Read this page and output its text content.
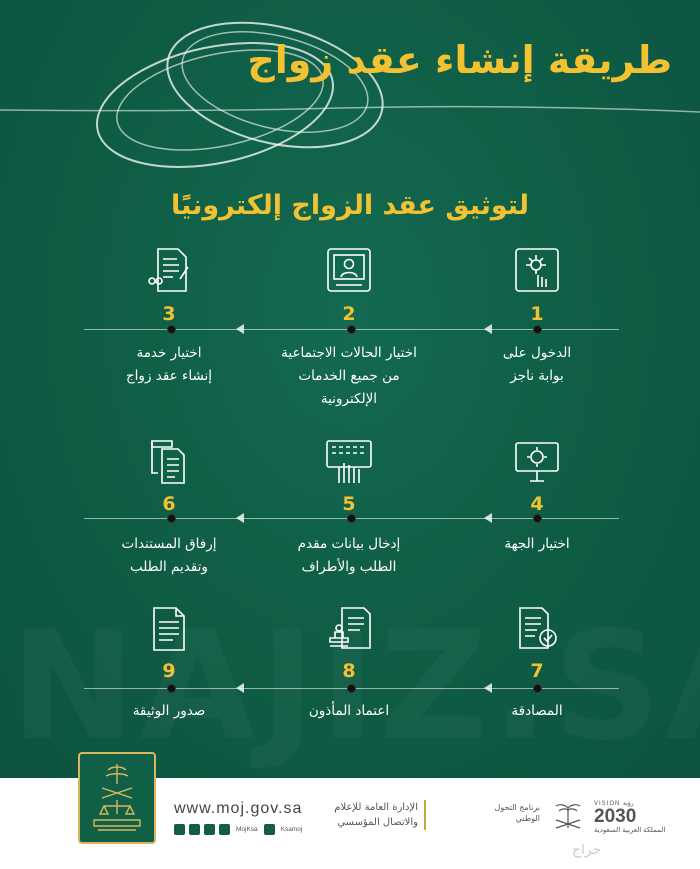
طريقة إنشاء عقد زواج
لتوثيق عقد الزواج إلكترونيًا
1
الدخول على
بوابة ناجز
2
اختيار الحالات الاجتماعية
من جميع الخدمات
الإلكترونية
3
اختيار خدمة
إنشاء عقد زواج
4
اختيار الجهة
5
إدخال بيانات مقدم
الطلب والأطراف
6
إرفاق المستندات
وتقديم الطلب
7
المصادقة
8
اعتماد المأذون
9
صدور الوثيقة
www.moj.gov.sa
MojKsa	Ksamoj
الإدارة العامة للإعلام
والاتصال المؤسسي
برنامج التحول
الوطني
VISION رؤية
2030
المملكة العربية السعودية
حراج
